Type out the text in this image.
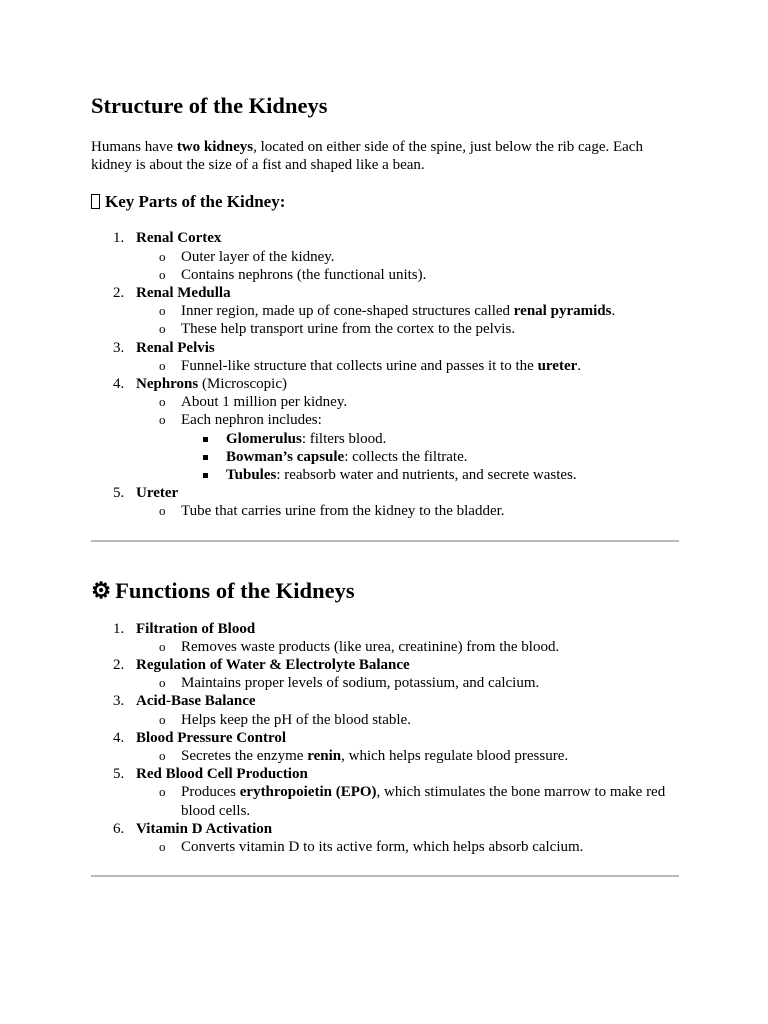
Structure of the Kidneys

Humans have two kidneys, located on either side of the spine, just below the rib cage. Each kidney is about the size of a fist and shaped like a bean.

Key Parts of the Kidney:
1. Renal Cortex
o Outer layer of the kidney.
o Contains nephrons (the functional units).
2. Renal Medulla
o Inner region, made up of cone-shaped structures called renal pyramids.
o These help transport urine from the cortex to the pelvis.
3. Renal Pelvis
o Funnel-like structure that collects urine and passes it to the ureter.
4. Nephrons (Microscopic)
o About 1 million per kidney.
o Each nephron includes:
Glomerulus: filters blood.
Bowman’s capsule: collects the filtrate.
Tubules: reabsorb water and nutrients, and secrete wastes.
5. Ureter
o Tube that carries urine from the kidney to the bladder.
⚙ Functions of the Kidneys
1. Filtration of Blood
o Removes waste products (like urea, creatinine) from the blood.
2. Regulation of Water & Electrolyte Balance
o Maintains proper levels of sodium, potassium, and calcium.
3. Acid-Base Balance
o Helps keep the pH of the blood stable.
4. Blood Pressure Control
o Secretes the enzyme renin, which helps regulate blood pressure.
5. Red Blood Cell Production
o Produces erythropoietin (EPO), which stimulates the bone marrow to make red blood cells.
6. Vitamin D Activation
o Converts vitamin D to its active form, which helps absorb calcium.
